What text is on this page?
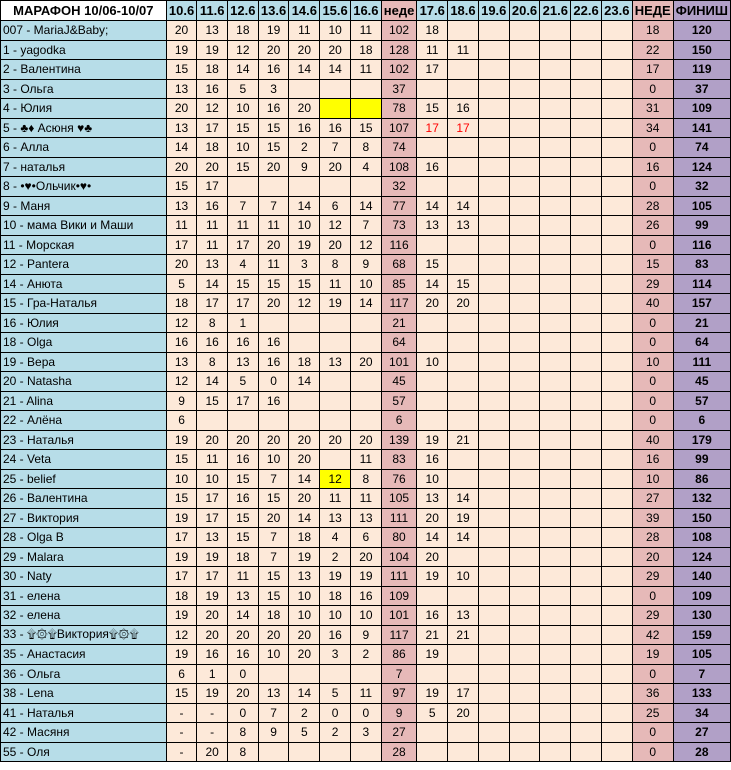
МАРАФОН 10/06-10/07	10.6	11.6	12.6	13.6	14.6	15.6	16.6	неде	17.6	18.6	19.6	20.6	21.6	22.6	23.6	НЕДЕ	ФИНИШ
007 - MariaJ&Baby;	20	13	18	19	11	10	11	102	18							18	120
1 - yagodka	19	19	12	20	20	20	18	128	11	11						22	150
2 - Валентина	15	18	14	16	14	14	11	102	17							17	119
3 - Ольга	13	16	5	3				37								0	37
4 - Юлия	20	12	10	16	20			78	15	16						31	109
5 - ♣♦ Асюня ♥♣	13	17	15	15	16	16	15	107	17	17						34	141
6 - Алла	14	18	10	15	2	7	8	74								0	74
7 - наталья	20	20	15	20	9	20	4	108	16							16	124
8 - •♥•Ольчик•♥•	15	17						32								0	32
9 - Маня	13	16	7	7	14	6	14	77	14	14						28	105
10 - мама Вики и Маши	11	11	11	11	10	12	7	73	13	13						26	99
11 - Морская	17	11	17	20	19	20	12	116								0	116
12 - Pantera	20	13	4	11	3	8	9	68	15							15	83
14 - Анюта	5	14	15	15	15	11	10	85	14	15						29	114
15 - Гра-Наталья	18	17	17	20	12	19	14	117	20	20						40	157
16 - Юлия	12	8	1					21								0	21
18 - Olga	16	16	16	16				64								0	64
19 - Вера	13	8	13	16	18	13	20	101	10							10	111
20 - Natasha	12	14	5	0	14			45								0	45
21 - Alina	9	15	17	16				57								0	57
22 - Алёна	6							6								0	6
23 - Наталья	19	20	20	20	20	20	20	139	19	21						40	179
24 - Veta	15	11	16	10	20		11	83	16							16	99
25 - belief	10	10	15	7	14	12	8	76	10							10	86
26 - Валентина	15	17	16	15	20	11	11	105	13	14						27	132
27 - Виктория	19	17	15	20	14	13	13	111	20	19						39	150
28 - Olga B	17	13	15	7	18	4	6	80	14	14						28	108
29 - Malara	19	19	18	7	19	2	20	104	20							20	124
30 - Naty	17	17	11	15	13	19	19	111	19	10						29	140
31 - елена	18	19	13	15	10	18	16	109								0	109
32 - елена	19	20	14	18	10	10	10	101	16	13						29	130
33 - ۩۞۩Виктория۩۞۩	12	20	20	20	20	16	9	117	21	21						42	159
35 - Анастасия	19	16	16	10	20	3	2	86	19							19	105
36 - Ольга	6	1	0					7								0	7
38 - Lena	15	19	20	13	14	5	11	97	19	17						36	133
41 - Наталья	-	-	0	7	2	0	0	9	5	20						25	34
42 - Масяня	-	-	8	9	5	2	3	27								0	27
55 - Оля	-	20	8					28								0	28
